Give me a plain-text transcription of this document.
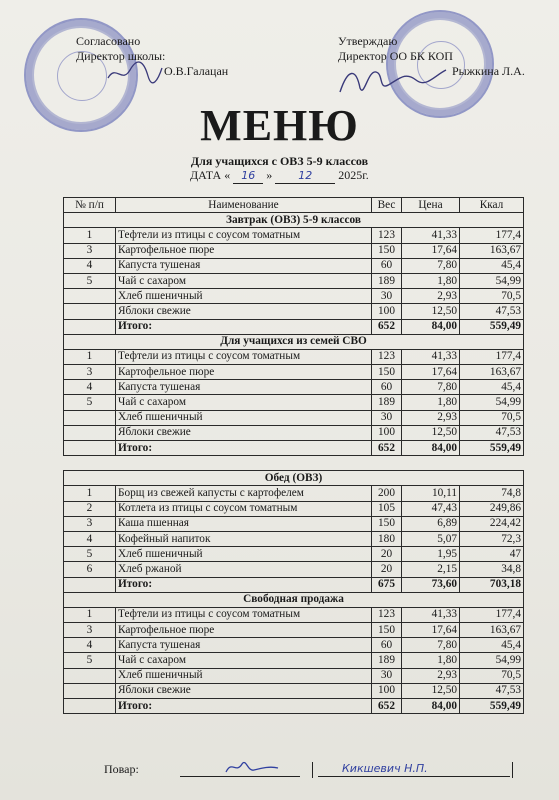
Согласовано
Директор школы:
О.В.Галацан
Утверждаю
Директор ОО БК КОП
Рыжкина Л.А.
МЕНЮ
Для учащихся с ОВЗ 5-9 классов
ДАТА « 16 » 12 2025г.
№ п/п	Наименование	Вес	Цена	Ккал
Завтрак (ОВЗ) 5-9 классов				
1	Тефтели из птицы с соусом томатным	123	41,33	177,4
3	Картофельное пюре	150	17,64	163,67
4	Капуста тушеная	60	7,80	45,4
5	Чай с сахаром	189	1,80	54,99
	Хлеб пшеничный	30	2,93	70,5
	Яблоки свежие	100	12,50	47,53
	Итого:	652	84,00	559,49
Для учащихся из семей СВО				
1	Тефтели из птицы с соусом томатным	123	41,33	177,4
3	Картофельное пюре	150	17,64	163,67
4	Капуста тушеная	60	7,80	45,4
5	Чай с сахаром	189	1,80	54,99
	Хлеб пшеничный	30	2,93	70,5
	Яблоки свежие	100	12,50	47,53
	Итого:	652	84,00	559,49

Обед (ОВЗ)				
1	Борщ из свежей капусты с картофелем	200	10,11	74,8
2	Котлета из птицы с соусом томатным	105	47,43	249,86
3	Каша пшенная	150	6,89	224,42
4	Кофейный напиток	180	5,07	72,3
5	Хлеб пшеничный	20	1,95	47
6	Хлеб ржаной	20	2,15	34,8
	Итого:	675	73,60	703,18
Свободная продажа				
1	Тефтели из птицы с соусом томатным	123	41,33	177,4
3	Картофельное пюре	150	17,64	163,67
4	Капуста тушеная	60	7,80	45,4
5	Чай с сахаром	189	1,80	54,99
	Хлеб пшеничный	30	2,93	70,5
	Яблоки свежие	100	12,50	47,53
	Итого:	652	84,00	559,49
Повар:	Кикшевич Н.П.
